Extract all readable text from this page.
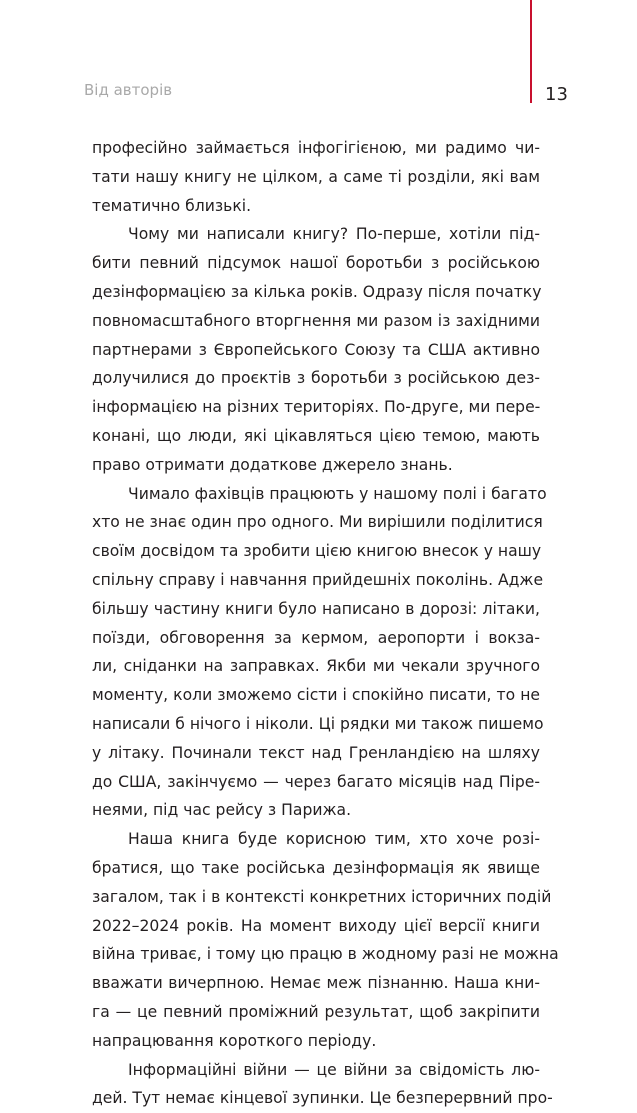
Від авторів	13
професійно займається інфогігієною, ми радимо чи-
тати нашу книгу не цілком, а саме ті розділи, які вам
тематично близькі.
Чому ми написали книгу? По-перше, хотіли під-
бити певний підсумок нашої боротьби з російською
дезінформацією за кілька років. Одразу після початку
повномасштабного вторгнення ми разом із західними
партнерами з Європейського Союзу та США активно
долучилися до проєктів з боротьби з російською дез-
інформацією на різних територіях. По-друге, ми пере-
конані, що люди, які цікавляться цією темою, мають
право отримати додаткове джерело знань.
Чимало фахівців працюють у нашому полі і багато
хто не знає один про одного. Ми вирішили поділитися
своїм досвідом та зробити цією книгою внесок у нашу
спільну справу і навчання прийдешніх поколінь. Адже
більшу частину книги було написано в дорозі: літаки,
поїзди, обговорення за кермом, аеропорти і вокза-
ли, сніданки на заправках. Якби ми чекали зручного
моменту, коли зможемо сісти і спокійно писати, то не
написали б нічого і ніколи. Ці рядки ми також пишемо
у літаку. Починали текст над Гренландією на шляху
до США, закінчуємо — через багато місяців над Пірe-
неями, під час рейсу з Парижа.
Наша книга буде корисною тим, хто хоче розі-
братися, що таке російська дезінформація як явище
загалом, так і в контексті конкретних історичних подій
2022–2024 років. На момент виходу цієї версії книги
війна триває, і тому цю працю в жодному разі не можна
вважати вичерпною. Немає меж пізнанню. Наша кни-
га — це певний проміжний результат, щоб закріпити
напрацювання короткого періоду.
Інформаційні війни — це війни за свідомість лю-
дей. Тут немає кінцевої зупинки. Це безперервний про-
